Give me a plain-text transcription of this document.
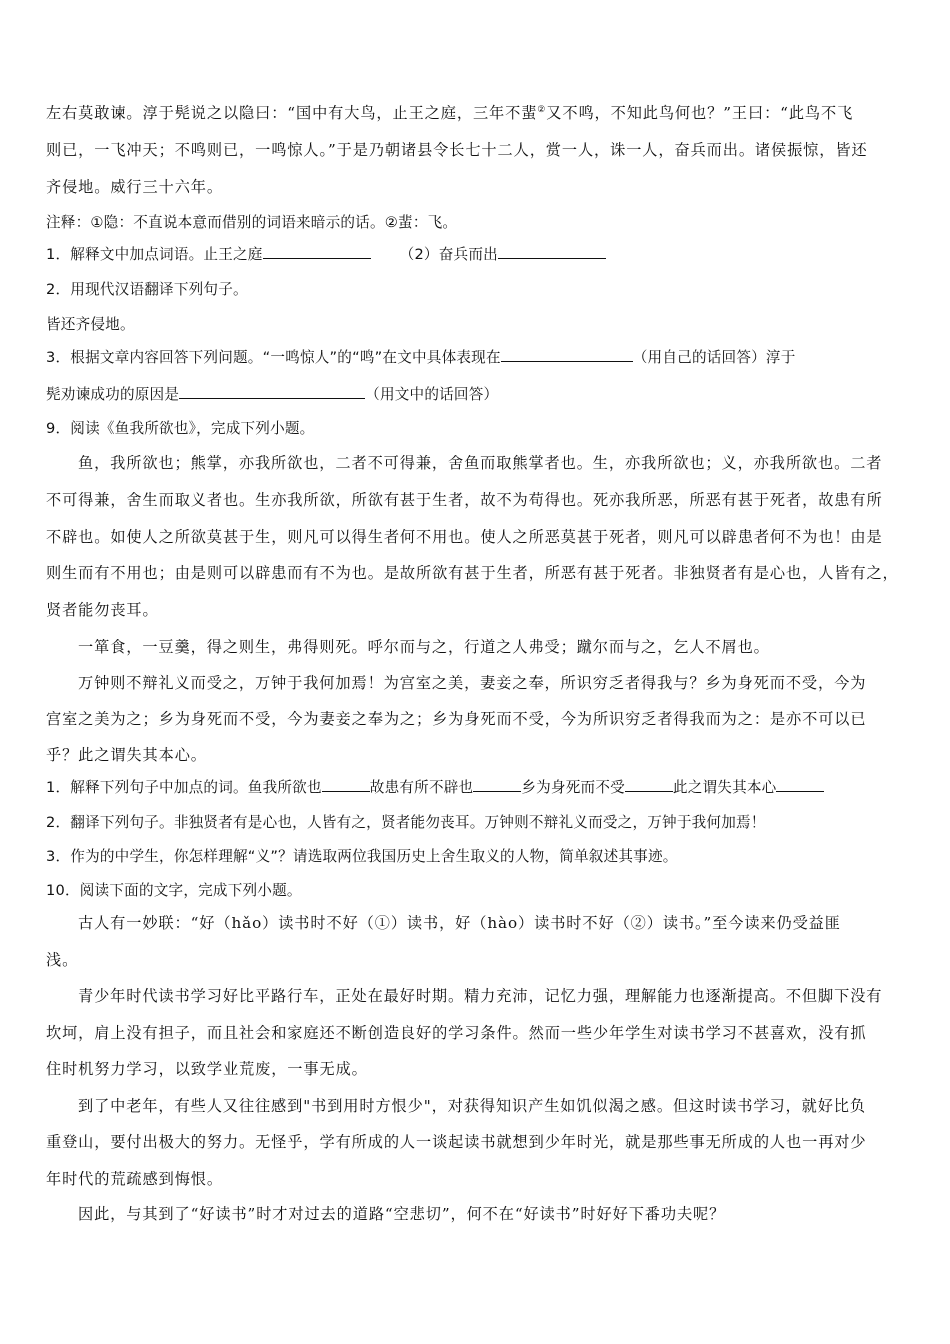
左右莫敢谏。淳于髡说之以隐曰：“国中有大鸟，止王之庭，三年不蜚②又不鸣，不知此鸟何也？”王曰：“此鸟不飞
则已，一飞冲天；不鸣则已，一鸣惊人。”于是乃朝诸县令长七十二人，赏一人，诛一人，奋兵而出。诸侯振惊，皆还
齐侵地。威行三十六年。
注释：①隐：不直说本意而借别的词语来暗示的话。②蜚：飞。
1．解释文中加点词语。止王之庭	（2）奋兵而出
2．用现代汉语翻译下列句子。
皆还齐侵地。
3．根据文章内容回答下列问题。“一鸣惊人”的“鸣”在文中具体表现在	（用自己的话回答）淳于
髡劝谏成功的原因是	（用文中的话回答）
9．阅读《鱼我所欲也》，完成下列小题。
鱼，我所欲也；熊掌，亦我所欲也，二者不可得兼，舍鱼而取熊掌者也。生，亦我所欲也；义，亦我所欲也。二者
不可得兼，舍生而取义者也。生亦我所欲，所欲有甚于生者，故不为苟得也。死亦我所恶，所恶有甚于死者，故患有所
不辟也。如使人之所欲莫甚于生，则凡可以得生者何不用也。使人之所恶莫甚于死者，则凡可以辟患者何不为也！由是
则生而有不用也；由是则可以辟患而有不为也。是故所欲有甚于生者，所恶有甚于死者。非独贤者有是心也，人皆有之，
贤者能勿丧耳。
一箪食，一豆羹，得之则生，弗得则死。呼尔而与之，行道之人弗受；蹴尔而与之，乞人不屑也。
万钟则不辩礼义而受之，万钟于我何加焉！为宫室之美，妻妾之奉，所识穷乏者得我与？乡为身死而不受，今为
宫室之美为之；乡为身死而不受，今为妻妾之奉为之；乡为身死而不受，今为所识穷乏者得我而为之：是亦不可以已
乎？此之谓失其本心。
1．解释下列句子中加点的词。鱼我所欲也	故患有所不辟也	乡为身死而不受	此之谓失其本心
2．翻译下列句子。非独贤者有是心也，人皆有之，贤者能勿丧耳。万钟则不辩礼义而受之，万钟于我何加焉！
3．作为的中学生，你怎样理解“义”？请选取两位我国历史上舍生取义的人物，简单叙述其事迹。
10．阅读下面的文字，完成下列小题。
古人有一妙联：“好（hǎo）读书时不好（①）读书，好（hào）读书时不好（②）读书。”至今读来仍受益匪
浅。
青少年时代读书学习好比平路行车，正处在最好时期。精力充沛，记忆力强，理解能力也逐渐提高。不但脚下没有
坎坷，肩上没有担子，而且社会和家庭还不断创造良好的学习条件。然而一些少年学生对读书学习不甚喜欢，没有抓
住时机努力学习，以致学业荒废，一事无成。
到了中老年，有些人又往往感到"书到用时方恨少"，对获得知识产生如饥似渴之感。但这时读书学习，就好比负
重登山，要付出极大的努力。无怪乎，学有所成的人一谈起读书就想到少年时光，就是那些事无所成的人也一再对少
年时代的荒疏感到悔恨。
因此，与其到了“好读书”时才对过去的道路“空悲切”，何不在“好读书”时好好下番功夫呢？
